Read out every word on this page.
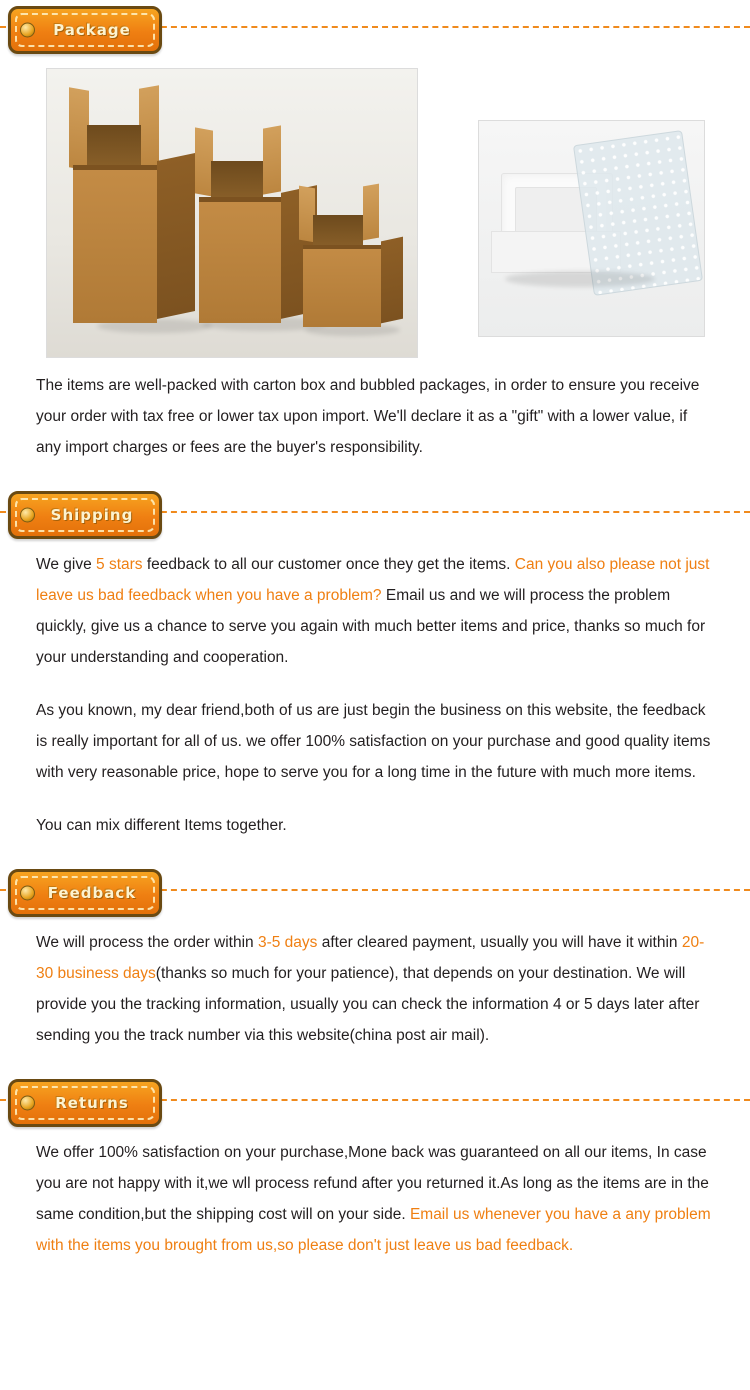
Package

The items are well-packed with carton box and bubbled packages, in order to ensure you receive your order with tax free or lower tax upon import. We'll declare it as a "gift" with a lower value, if any import charges or fees are the buyer's responsibility.

Shipping

We give 5 stars feedback to all our customer once they get the items. Can you also please not just leave us bad feedback when you have a problem? Email us and we will process the problem quickly, give us a chance to serve you again with much better items and price, thanks so much for your understanding and cooperation.

As you known, my dear friend,both of us are just begin the business on this website, the feedback is really important for all of us. we offer 100% satisfaction on your purchase and good quality items with very reasonable price, hope to serve you for a long time in the future with much more items.

You can mix different Items together.

Feedback

We will process the order within 3-5 days after cleared payment, usually you will have it within 20-30 business days(thanks so much for your patience), that depends on your destination. We will provide you the tracking information, usually you can check the information 4 or 5 days later after sending you the track number via this website(china post air mail).

Returns

We offer 100% satisfaction on your purchase,Mone back was guaranteed on all our items, In case you are not happy with it,we wll process refund after you returned it.As long as the items are in the same condition,but the shipping cost will on your side. Email us whenever you have a any problem with the items you brought from us,so please don't just leave us bad feedback.
